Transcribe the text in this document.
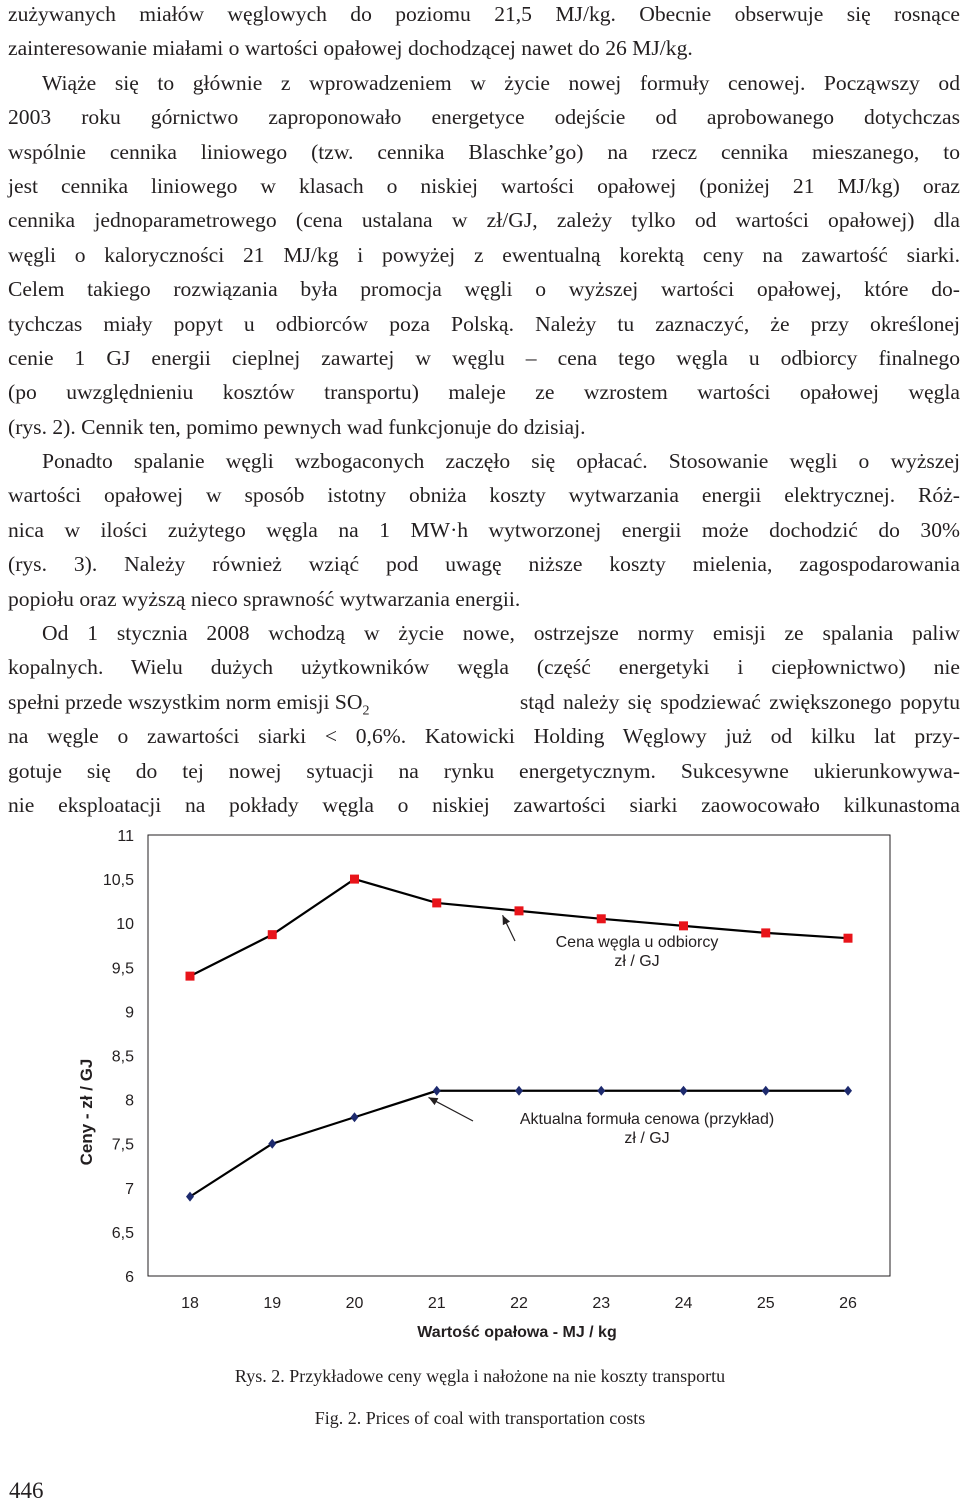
zużywanych miałów węglowych do poziomu 21,5 MJ/kg. Obecnie obserwuje się rosnące
zainteresowanie miałami o wartości opałowej dochodzącej nawet do 26 MJ/kg.
Wiąże się to głównie z wprowadzeniem w życie nowej formuły cenowej. Począwszy od
2003 roku górnictwo zaproponowało energetyce odejście od aprobowanego dotychczas
wspólnie cennika liniowego (tzw. cennika Blaschke’go) na rzecz cennika mieszanego, to
jest cennika liniowego w klasach o niskiej wartości opałowej (poniżej 21 MJ/kg) oraz
cennika jednoparametrowego (cena ustalana w zł/GJ, zależy tylko od wartości opałowej) dla
węgli o kaloryczności 21 MJ/kg i powyżej z ewentualną korektą ceny na zawartość siarki.
Celem takiego rozwiązania była promocja węgli o wyższej wartości opałowej, które do-
tychczas miały popyt u odbiorców poza Polską. Należy tu zaznaczyć, że przy określonej
cenie 1 GJ energii cieplnej zawartej w węglu – cena tego węgla u odbiorcy finalnego
(po uwzględnieniu kosztów transportu) maleje ze wzrostem wartości opałowej węgla
(rys. 2). Cennik ten, pomimo pewnych wad funkcjonuje do dzisiaj.
Ponadto spalanie węgli wzbogaconych zaczęło się opłacać. Stosowanie węgli o wyższej
wartości opałowej w sposób istotny obniża koszty wytwarzania energii elektrycznej. Róż-
nica w ilości zużytego węgla na 1 MW·h wytworzonej energii może dochodzić do 30%
(rys. 3). Należy również wziąć pod uwagę niższe koszty mielenia, zagospodarowania
popiołu oraz wyższą nieco sprawność wytwarzania energii.
Od 1 stycznia 2008 wchodzą w życie nowe, ostrzejsze normy emisji ze spalania paliw
kopalnych. Wielu dużych użytkowników węgla (część energetyki i ciepłownictwo) nie
spełni przede wszystkim norm emisji $SO_2$	stąd należy się spodziewać zwiększonego popytu
na węgle o zawartości siarki < 0,6%. Katowicki Holding Węglowy już od kilku lat przy-
gotuje się do tej nowej sytuacji na rynku energetycznym. Sukcesywne ukierunkowywa-
nie eksploatacji na pokłady węgla o niskiej zawartości siarki zaowocowało kilkunastoma
6
6,5
7
7,5
8
8,5
9
9,5
10
10,5
11
18	19	20	21	22	23	24	25	26
Ceny - zł / GJ
Wartość opałowa - MJ / kg
Cena węgla u odbiorcy
zł / GJ
Aktualna formuła cenowa (przykład)
zł / GJ
Rys. 2. Przykładowe ceny węgla i nałożone na nie koszty transportu
Fig. 2. Prices of coal with transportation costs
446
